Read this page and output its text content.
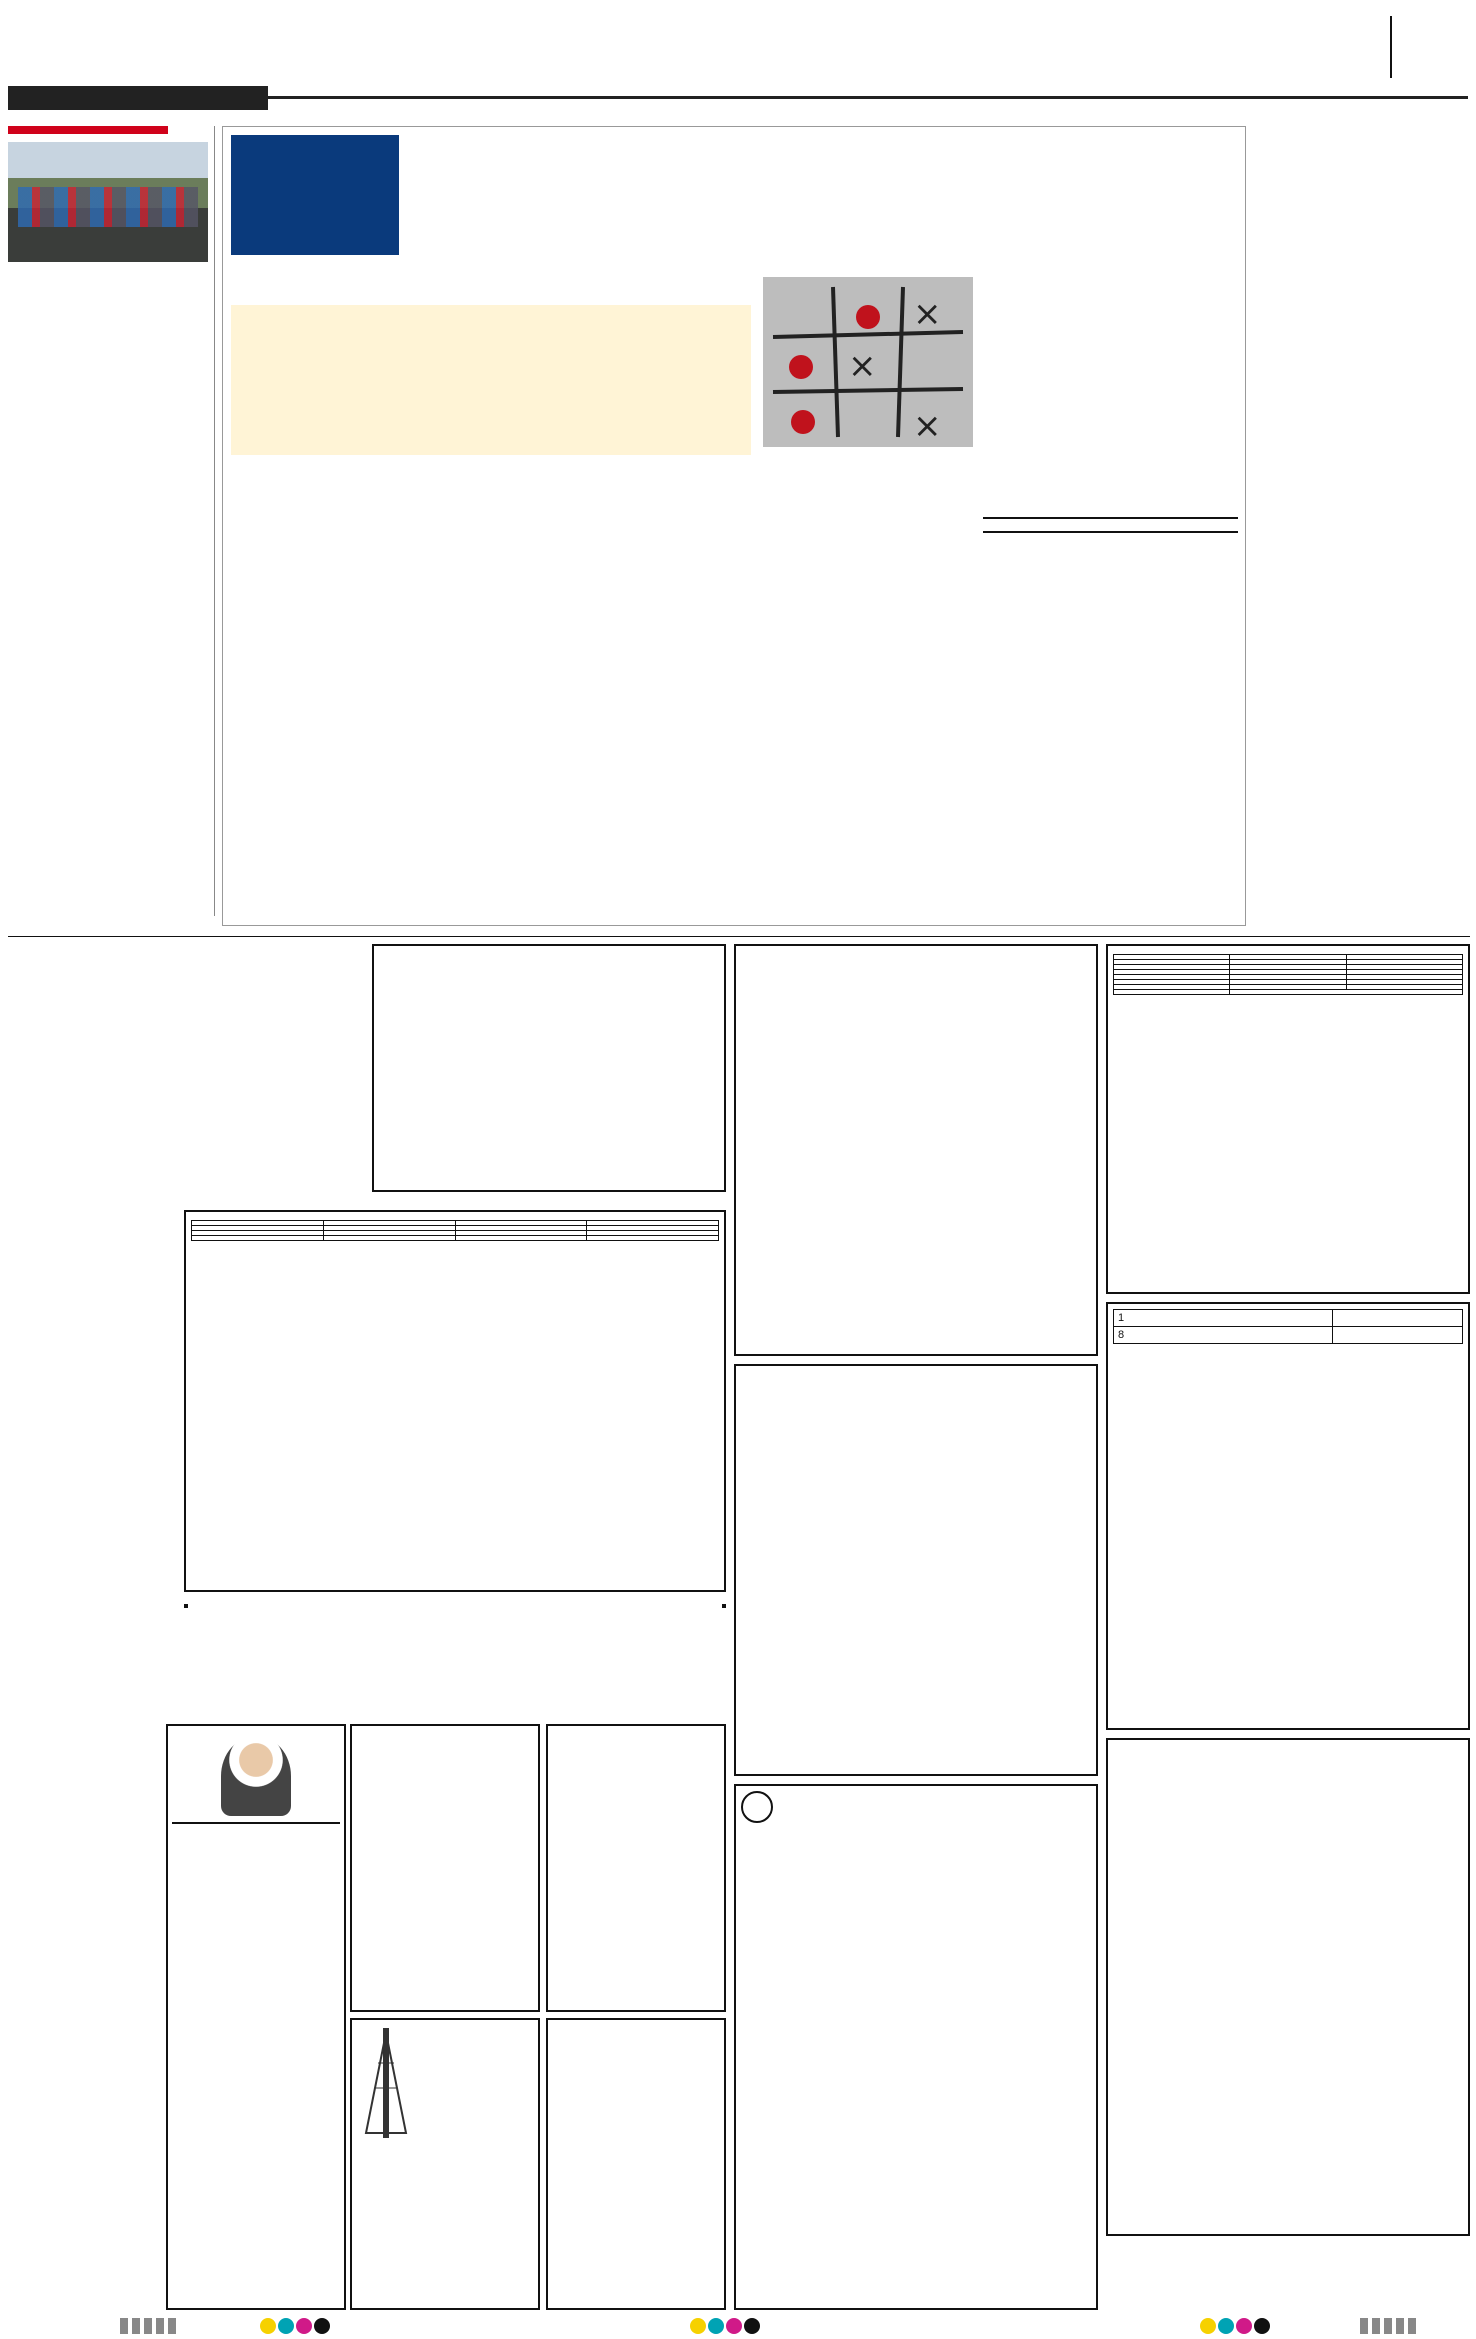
×
×
×

1	
8	
